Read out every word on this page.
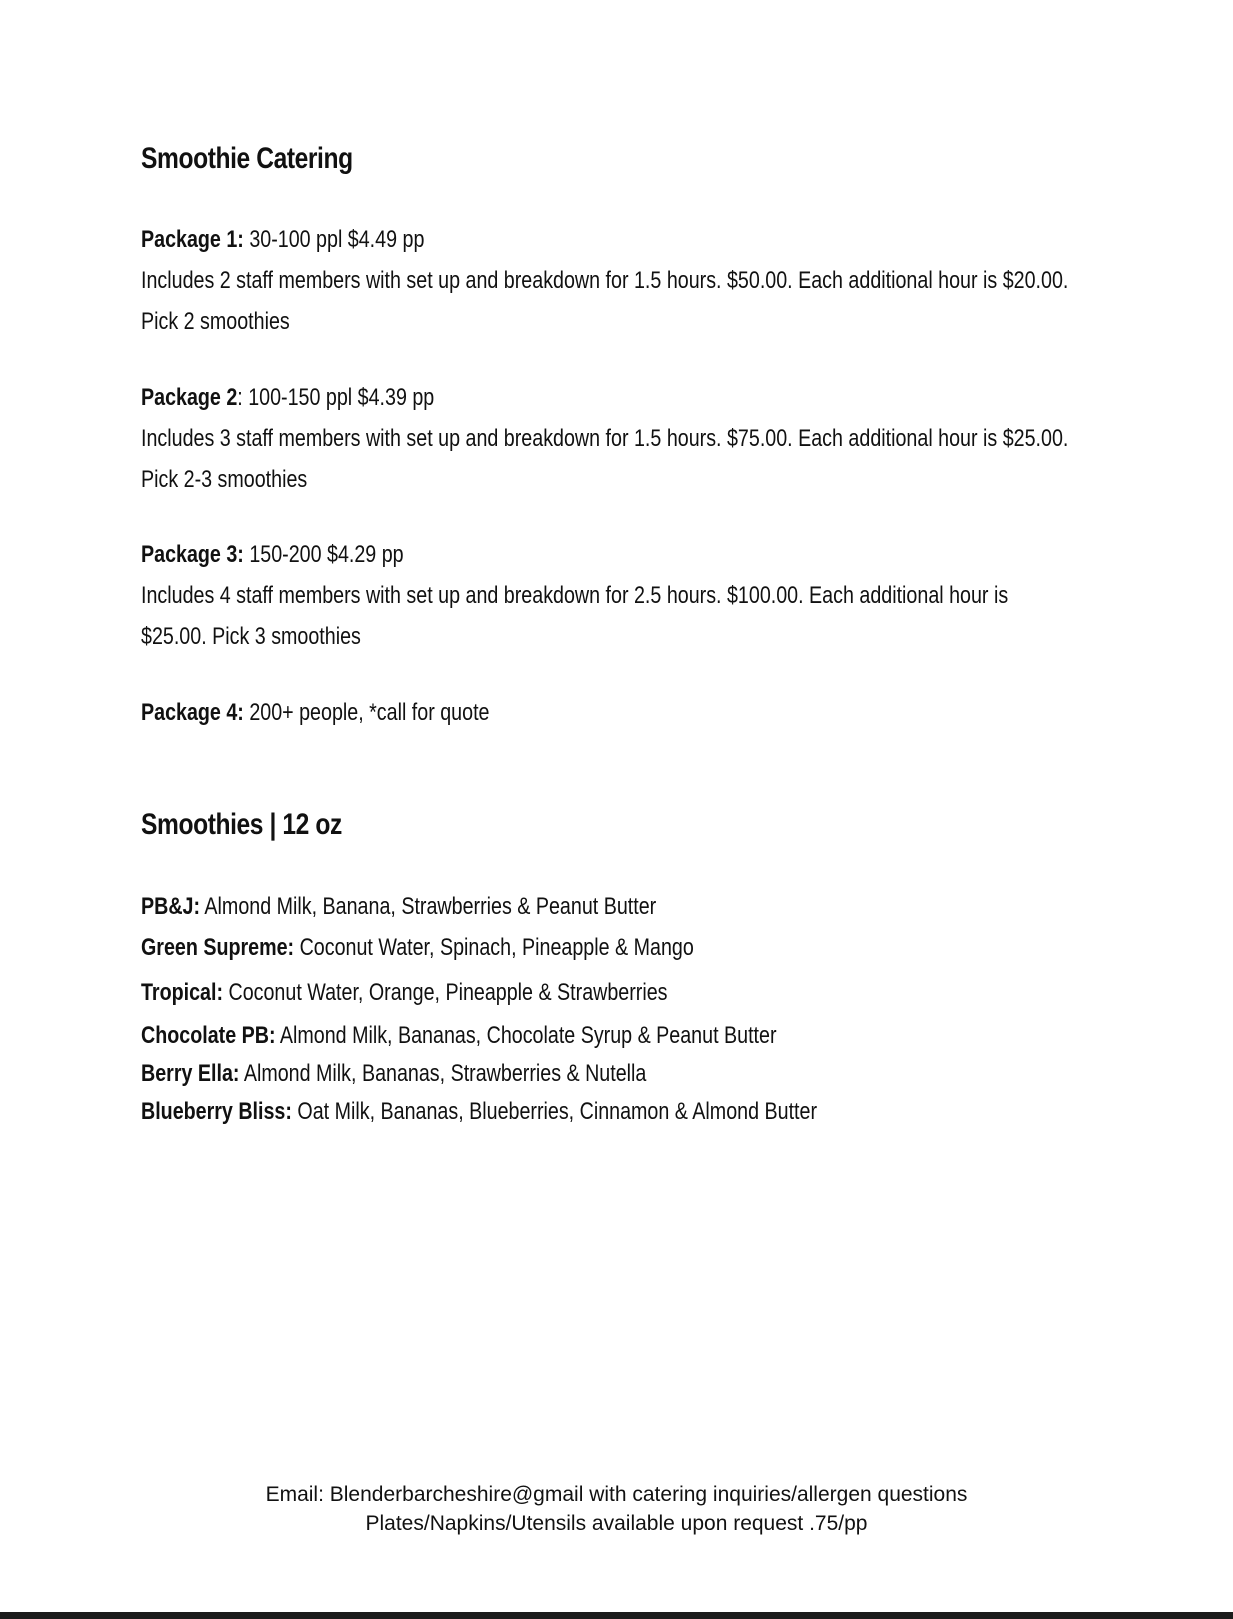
Smoothie Catering
Package 1: 30-100 ppl $4.49 pp
Includes 2 staff members with set up and breakdown for 1.5 hours. $50.00. Each additional hour is $20.00.
Pick 2 smoothies
Package 2: 100-150 ppl $4.39 pp
Includes 3 staff members with set up and breakdown for 1.5 hours. $75.00. Each additional hour is $25.00.
Pick 2-3 smoothies
Package 3: 150-200 $4.29 pp
Includes 4 staff members with set up and breakdown for 2.5 hours. $100.00. Each additional hour is
$25.00. Pick 3 smoothies
Package 4: 200+ people, *call for quote
Smoothies | 12 oz
PB&J: Almond Milk, Banana, Strawberries & Peanut Butter
Green Supreme: Coconut Water, Spinach, Pineapple & Mango
Tropical: Coconut Water, Orange, Pineapple & Strawberries
Chocolate PB: Almond Milk, Bananas, Chocolate Syrup & Peanut Butter
Berry Ella: Almond Milk, Bananas, Strawberries & Nutella
Blueberry Bliss: Oat Milk, Bananas, Blueberries, Cinnamon & Almond Butter
Email: Blenderbarcheshire@gmail with catering inquiries/allergen questions
Plates/Napkins/Utensils available upon request .75/pp
